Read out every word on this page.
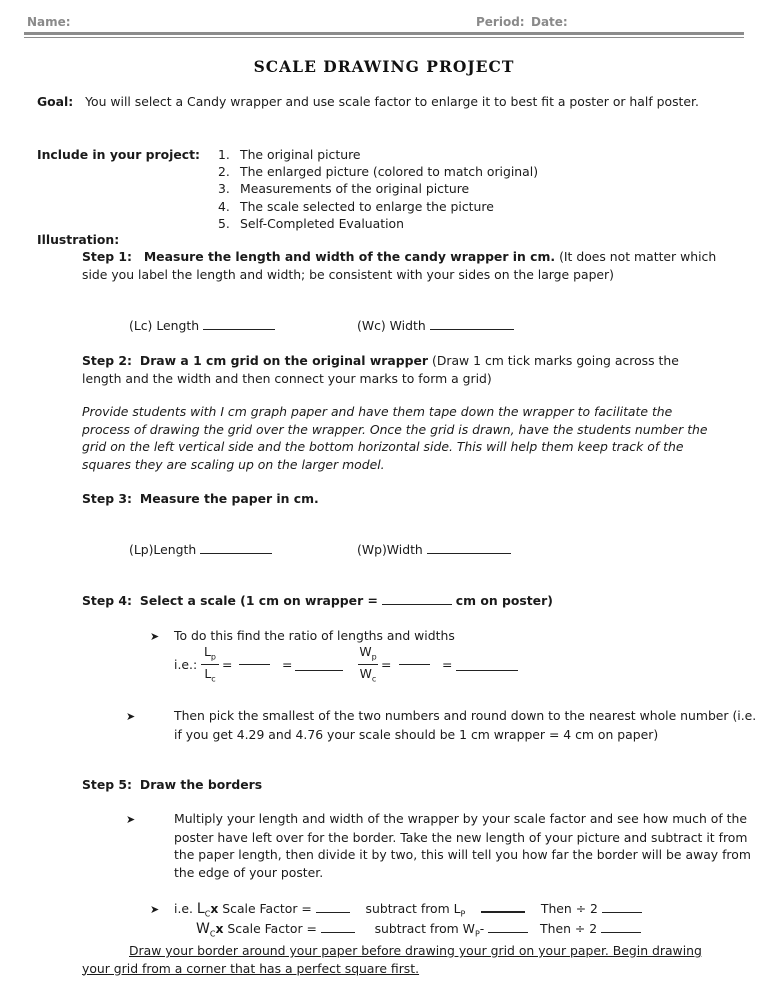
Name:	Period: Date:
SCALE DRAWING PROJECT
Goal: You will select a Candy wrapper and use scale factor to enlarge it to best fit a poster or half poster.
Include in your project: 1. The original picture
2. The enlarged picture (colored to match original)
3. Measurements of the original picture
4. The scale selected to enlarge the picture
5. Self-Completed Evaluation
Illustration:
Step 1: Measure the length and width of the candy wrapper in cm. (It does not matter which side you label the length and width; be consistent with your sides on the large paper)
(Lc) Length	(Wc) Width
Step 2: Draw a 1 cm grid on the original wrapper (Draw 1 cm tick marks going across the length and the width and then connect your marks to form a grid)
Provide students with I cm graph paper and have them tape down the wrapper to facilitate the process of drawing the grid over the wrapper. Once the grid is drawn, have the students number the grid on the left vertical side and the bottom horizontal side. This will help them keep track of the squares they are scaling up on the larger model.
Step 3: Measure the paper in cm.
(Lp)Length	(Wp)Width
Step 4: Select a scale (1 cm on wrapper =	cm on poster)
➤ To do this find the ratio of lengths and widths
i.e.: $\frac{L_p}{L_c}$ =	=	$\frac{W_p}{W_c}$ =	=
➤	Then pick the smallest of the two numbers and round down to the nearest whole number (i.e. if you get 4.29 and 4.76 your scale should be 1 cm wrapper = 4 cm on paper)
Step 5: Draw the borders
➤	Multiply your length and width of the wrapper by your scale factor and see how much of the poster have left over for the border. Take the new length of your picture and subtract it from the paper length, then divide it by two, this will tell you how far the border will be away from the edge of your poster.
➤ i.e. $L_Cx$ Scale Factor =	subtract from $L_P$	Then ÷ 2
$W_Cx$ Scale Factor =	subtract from $W_P-$	Then ÷ 2
Draw your border around your paper before drawing your grid on your paper. Begin drawing your grid from a corner that has a perfect square first.
